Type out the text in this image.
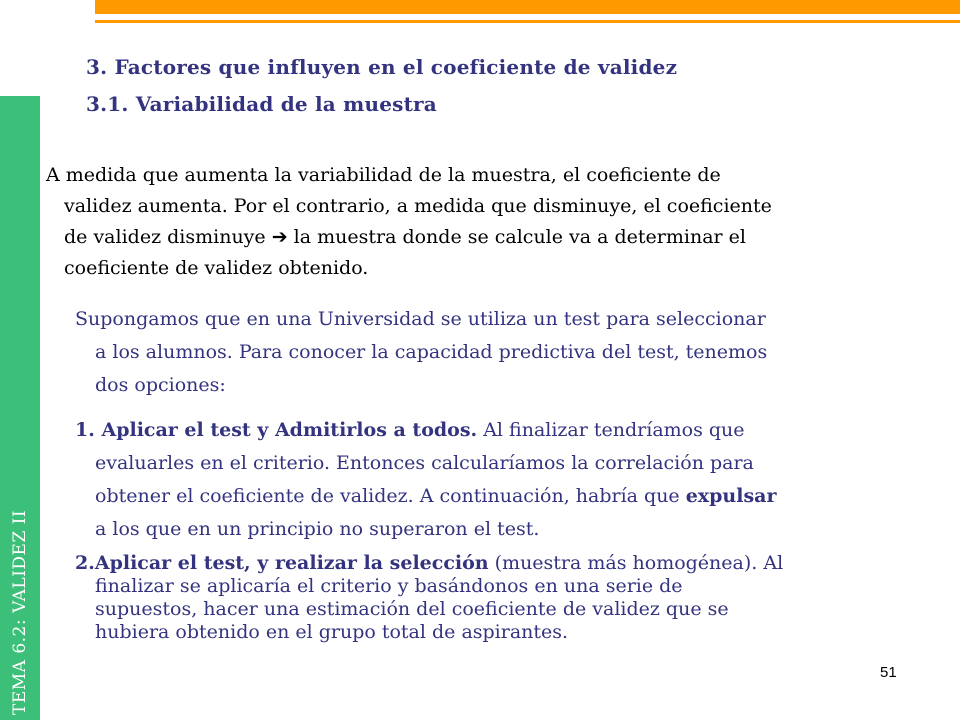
TEMA 6.2: VALIDEZ II
3. Factores que influyen en el coeficiente de validez
3.1. Variabilidad de la muestra
A medida que aumenta la variabilidad de la muestra, el coeficiente de
validez aumenta. Por el contrario, a medida que disminuye, el coeficiente
de validez disminuye ➔ la muestra donde se calcule va a determinar el
coeficiente de validez obtenido.
Supongamos que en una Universidad se utiliza un test para seleccionar
a los alumnos. Para conocer la capacidad predictiva del test, tenemos
dos opciones:
1. Aplicar el test y Admitirlos a todos. Al finalizar tendríamos que
evaluarles en el criterio. Entonces calcularíamos la correlación para
obtener el coeficiente de validez. A continuación, habría que expulsar
a los que en un principio no superaron el test.
2.Aplicar el test, y realizar la selección (muestra más homogénea). Al
finalizar se aplicaría el criterio y basándonos en una serie de
supuestos, hacer una estimación del coeficiente de validez que se
hubiera obtenido en el grupo total de aspirantes.
51
